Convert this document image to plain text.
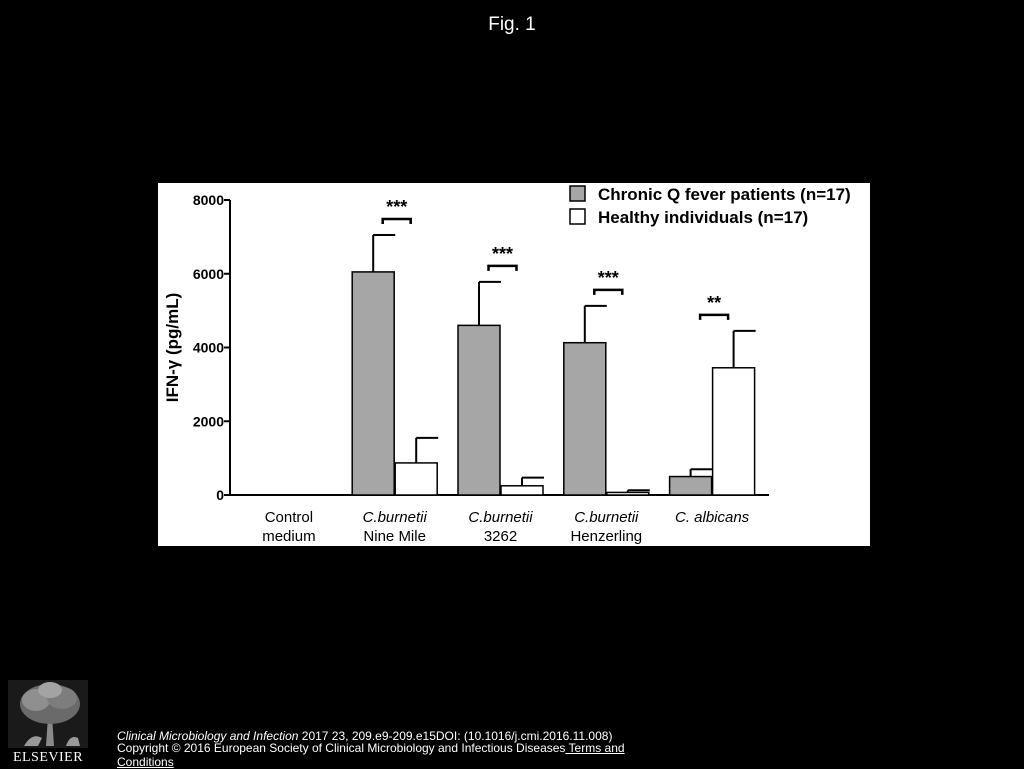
Fig. 1
0
2000
4000
6000
8000
IFN-γ (pg/mL)
Control
medium
C.burnetii
Nine Mile
C.burnetii
3262
C.burnetii
Henzerling
C. albicans
***
***
***
**
Chronic Q fever patients (n=17)
Healthy individuals (n=17)
ELSEVIER
Clinical Microbiology and Infection 2017 23, 209.e9-209.e15DOI: (10.1016/j.cmi.2016.11.008)
Copyright © 2016 European Society of Clinical Microbiology and Infectious Diseases Terms and Conditions
